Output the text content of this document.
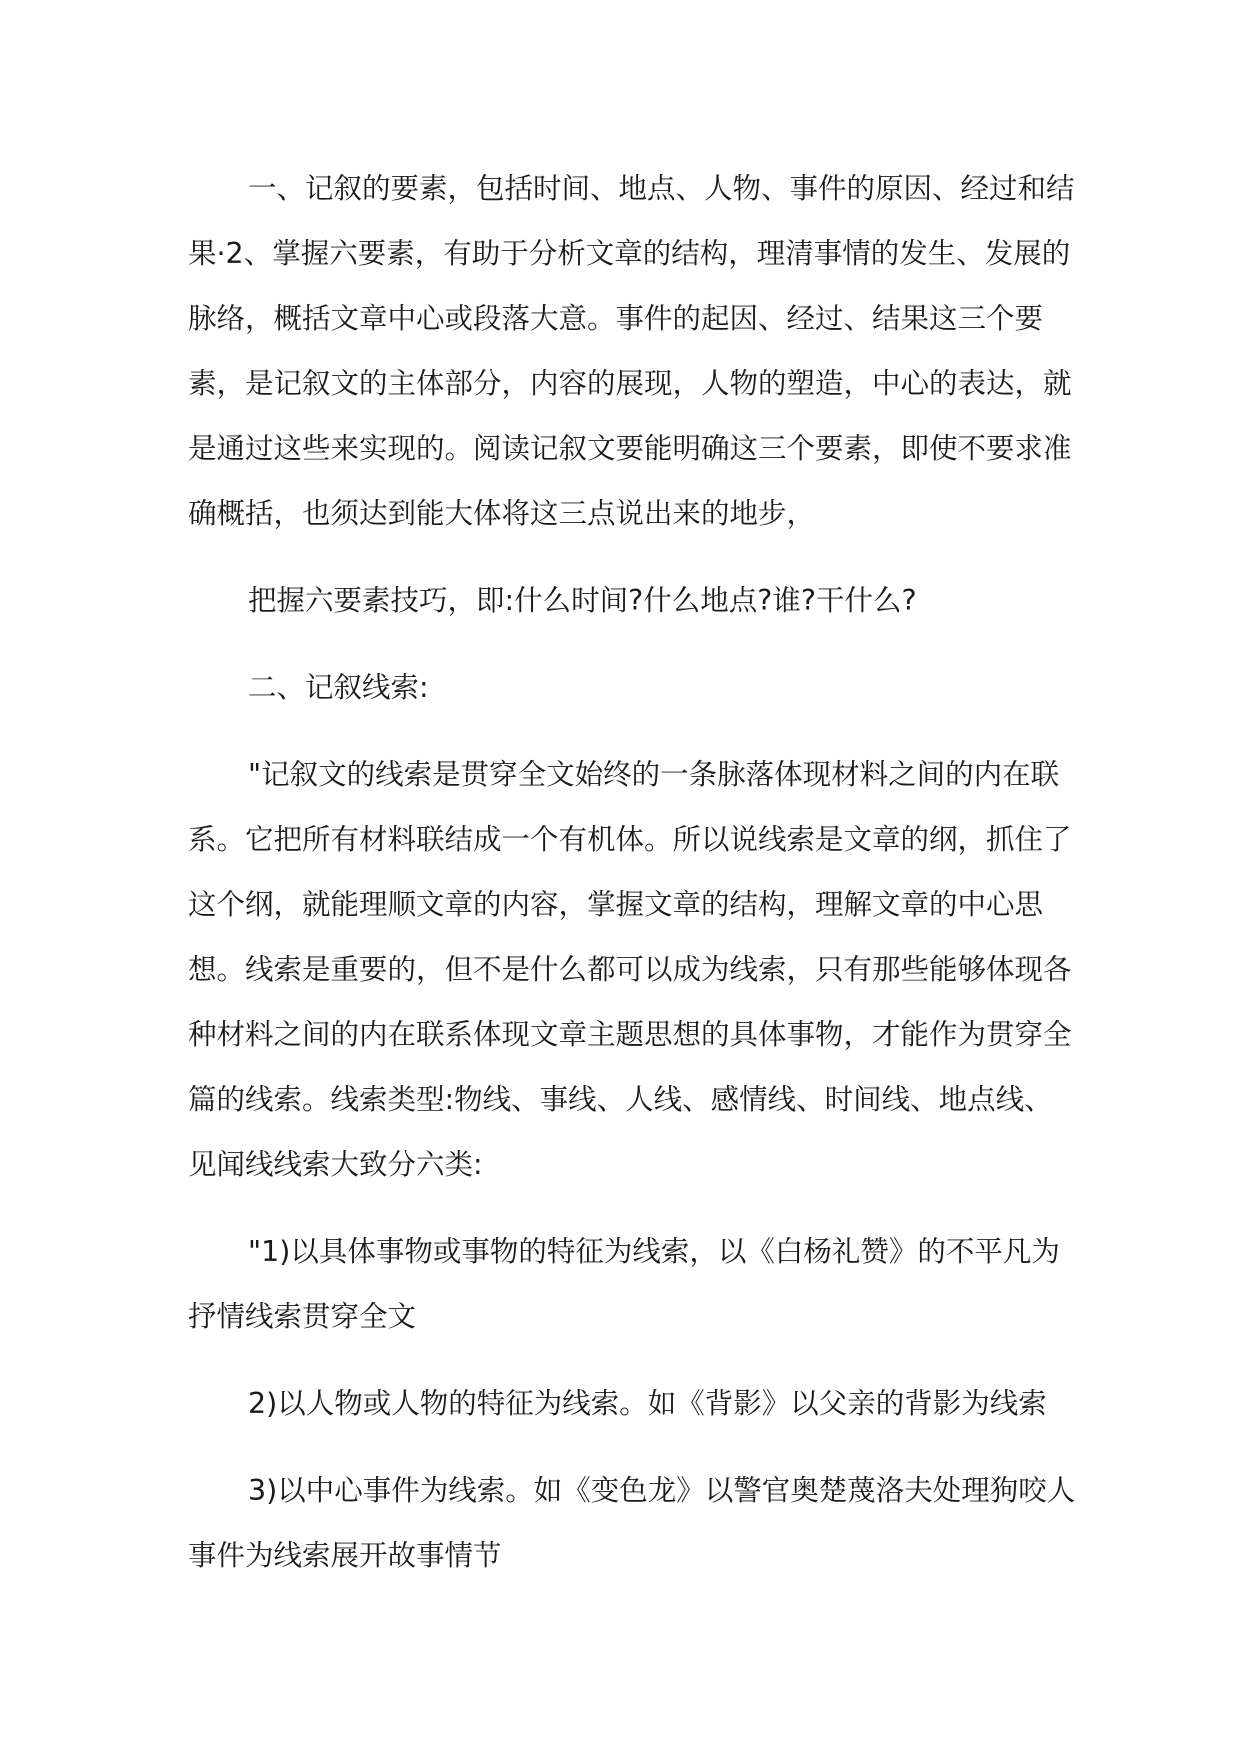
一、记叙的要素，包括时间、地点、人物、事件的原因、经过和结果·2、掌握六要素，有助于分析文章的结构，理清事情的发生、发展的脉络，概括文章中心或段落大意。事件的起因、经过、结果这三个要素，是记叙文的主体部分，内容的展现，人物的塑造，中心的表达，就是通过这些来实现的。阅读记叙文要能明确这三个要素，即使不要求准确概括，也须达到能大体将这三点说出来的地步，

把握六要素技巧，即:什么时间?什么地点?谁?干什么?

二、记叙线索:

"记叙文的线索是贯穿全文始终的一条脉落体现材料之间的内在联系。它把所有材料联结成一个有机体。所以说线索是文章的纲，抓住了这个纲，就能理顺文章的内容，掌握文章的结构，理解文章的中心思想。线索是重要的，但不是什么都可以成为线索，只有那些能够体现各种材料之间的内在联系体现文章主题思想的具体事物，才能作为贯穿全篇的线索。线索类型:物线、事线、人线、感情线、时间线、地点线、见闻线线索大致分六类:

"1)以具体事物或事物的特征为线索，以《白杨礼赞》的不平凡为抒情线索贯穿全文

2)以人物或人物的特征为线索。如《背影》以父亲的背影为线索

3)以中心事件为线索。如《变色龙》以警官奥楚蔑洛夫处理狗咬人事件为线索展开故事情节
